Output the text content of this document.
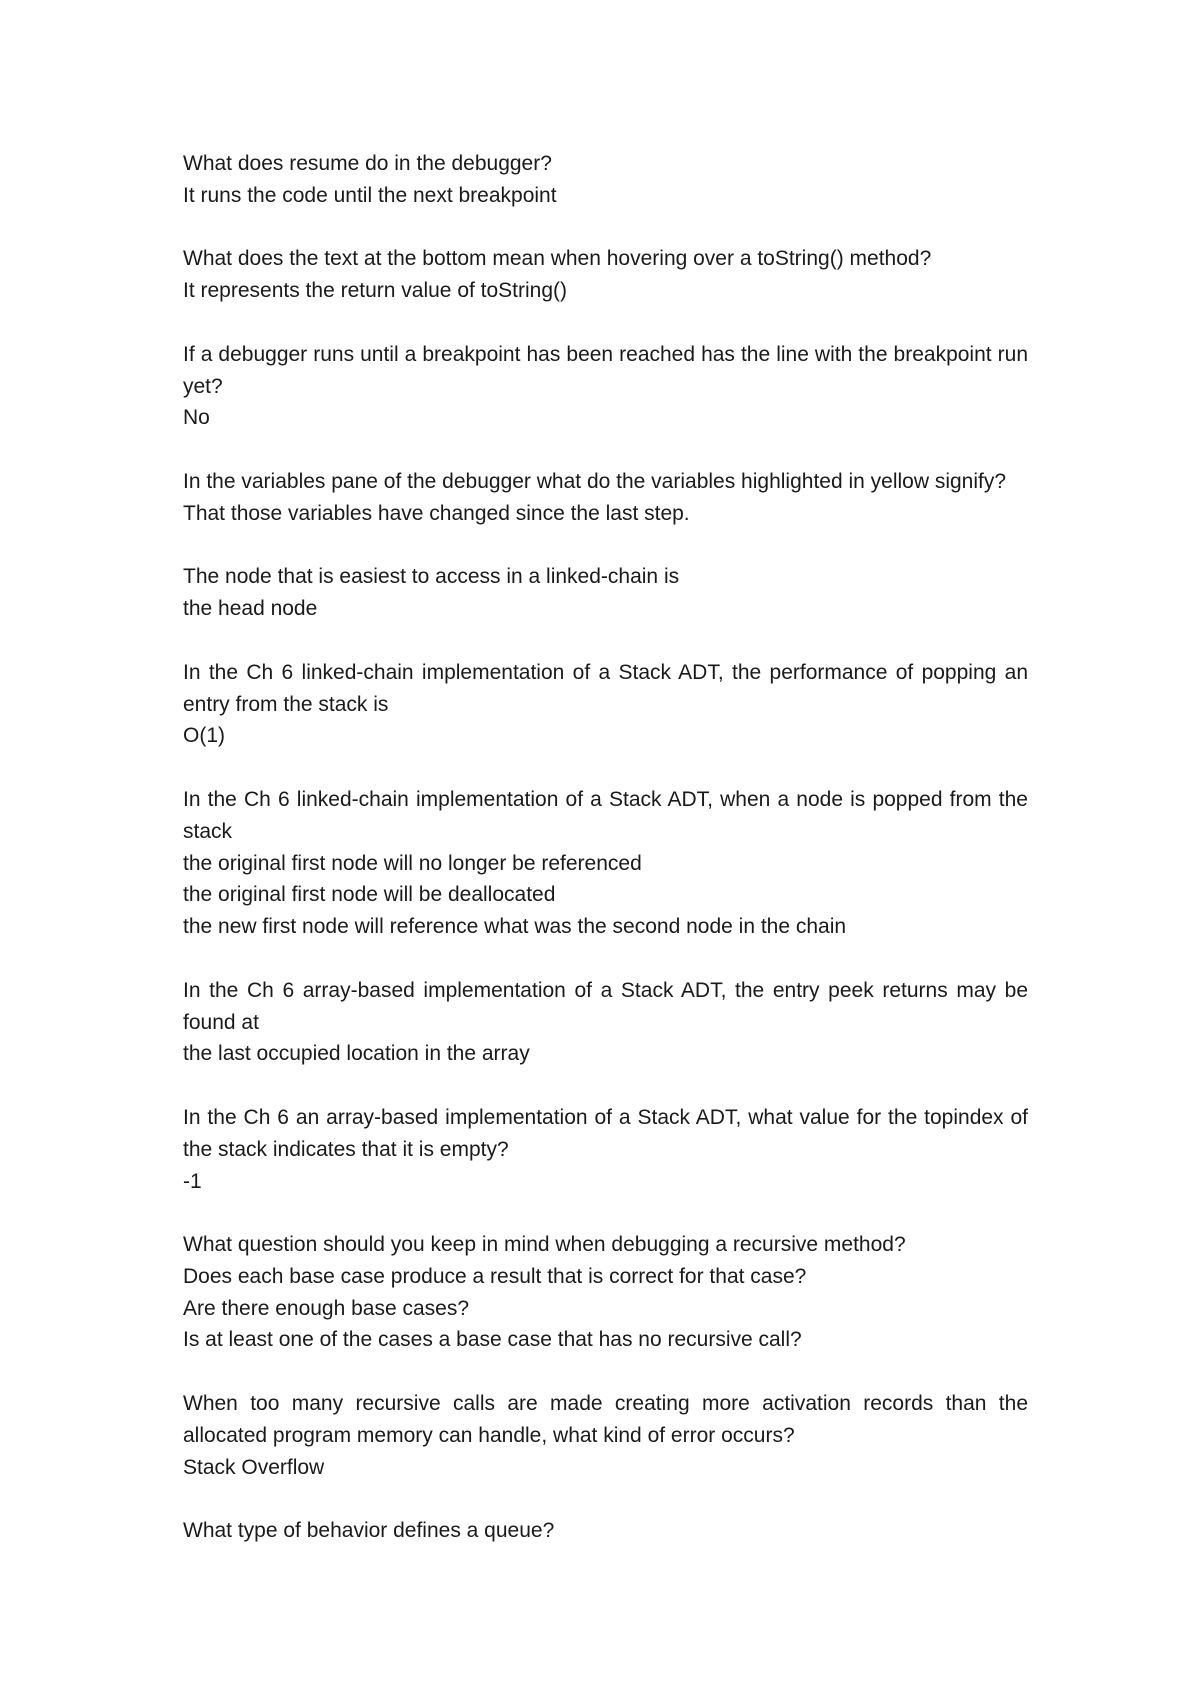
What does resume do in the debugger?

It runs the code until the next breakpoint

What does the text at the bottom mean when hovering over a toString() method?

It represents the return value of toString()

If a debugger runs until a breakpoint has been reached has the line with the breakpoint run yet?

No

In the variables pane of the debugger what do the variables highlighted in yellow signify?

That those variables have changed since the last step.

The node that is easiest to access in a linked-chain is

the head node

In the Ch 6 linked-chain implementation of a Stack ADT, the performance of popping an entry from the stack is

O(1)

In the Ch 6 linked-chain implementation of a Stack ADT, when a node is popped from the stack

the original first node will no longer be referenced

the original first node will be deallocated

the new first node will reference what was the second node in the chain

In the Ch 6 array-based implementation of a Stack ADT, the entry peek returns may be found at

the last occupied location in the array

In the Ch 6 an array-based implementation of a Stack ADT, what value for the topindex of the stack indicates that it is empty?

-1

What question should you keep in mind when debugging a recursive method?

Does each base case produce a result that is correct for that case?

Are there enough base cases?

Is at least one of the cases a base case that has no recursive call?

When too many recursive calls are made creating more activation records than the allocated program memory can handle, what kind of error occurs?

Stack Overflow

What type of behavior defines a queue?
